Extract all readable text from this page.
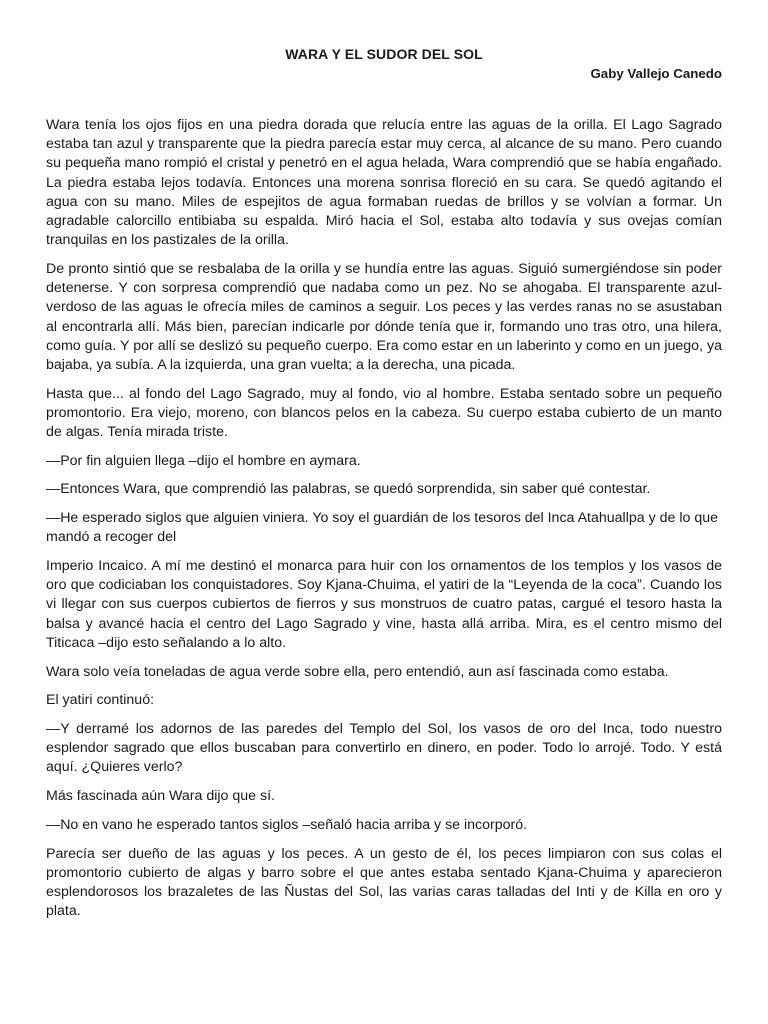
WARA Y EL SUDOR DEL SOL
Gaby Vallejo Canedo

Wara tenía los ojos fijos en una piedra dorada que relucía entre las aguas de la orilla. El Lago Sagrado estaba tan azul y transparente que la piedra parecía estar muy cerca, al alcance de su mano. Pero cuando su pequeña mano rompió el cristal y penetró en el agua helada, Wara comprendió que se había engañado. La piedra estaba lejos todavía. Entonces una morena sonrisa floreció en su cara. Se quedó agitando el agua con su mano. Miles de espejitos de agua formaban ruedas de brillos y se volvían a formar. Un agradable calorcillo entibiaba su espalda. Miró hacia el Sol, estaba alto todavía y sus ovejas comían tranquilas en los pastizales de la orilla.

De pronto sintió que se resbalaba de la orilla y se hundía entre las aguas. Siguió sumergiéndose sin poder detenerse. Y con sorpresa comprendió que nadaba como un pez. No se ahogaba. El transparente azul-verdoso de las aguas le ofrecía miles de caminos a seguir. Los peces y las verdes ranas no se asustaban al encontrarla allí. Más bien, parecían indicarle por dónde tenía que ir, formando uno tras otro, una hilera, como guía. Y por allí se deslizó su pequeño cuerpo. Era como estar en un laberinto y como en un juego, ya bajaba, ya subía. A la izquierda, una gran vuelta; a la derecha, una picada.

Hasta que... al fondo del Lago Sagrado, muy al fondo, vio al hombre. Estaba sentado sobre un pequeño promontorio. Era viejo, moreno, con blancos pelos en la cabeza. Su cuerpo estaba cubierto de un manto de algas. Tenía mirada triste.

—Por fin alguien llega –dijo el hombre en aymara.

—Entonces Wara, que comprendió las palabras, se quedó sorprendida, sin saber qué contestar.

—He esperado siglos que alguien viniera. Yo soy el guardián de los tesoros del Inca Atahuallpa y de lo que mandó a recoger del

Imperio Incaico. A mí me destinó el monarca para huir con los ornamentos de los templos y los vasos de oro que codiciaban los conquistadores. Soy Kjana-Chuima, el yatiri de la “Leyenda de la coca”. Cuando los vi llegar con sus cuerpos cubiertos de fierros y sus monstruos de cuatro patas, cargué el tesoro hasta la balsa y avancé hacia el centro del Lago Sagrado y vine, hasta allá arriba. Mira, es el centro mismo del Titicaca –dijo esto señalando a lo alto.

Wara solo veía toneladas de agua verde sobre ella, pero entendió, aun así fascinada como estaba.

El yatiri continuó:

—Y derramé los adornos de las paredes del Templo del Sol, los vasos de oro del Inca, todo nuestro esplendor sagrado que ellos buscaban para convertirlo en dinero, en poder. Todo lo arrojé. Todo. Y está aquí. ¿Quieres verlo?

Más fascinada aún Wara dijo que sí.

—No en vano he esperado tantos siglos –señaló hacia arriba y se incorporó.

Parecía ser dueño de las aguas y los peces. A un gesto de él, los peces limpiaron con sus colas el promontorio cubierto de algas y barro sobre el que antes estaba sentado Kjana-Chuima y aparecieron esplendorosos los brazaletes de las Ñustas del Sol, las varias caras talladas del Inti y de Killa en oro y plata.
